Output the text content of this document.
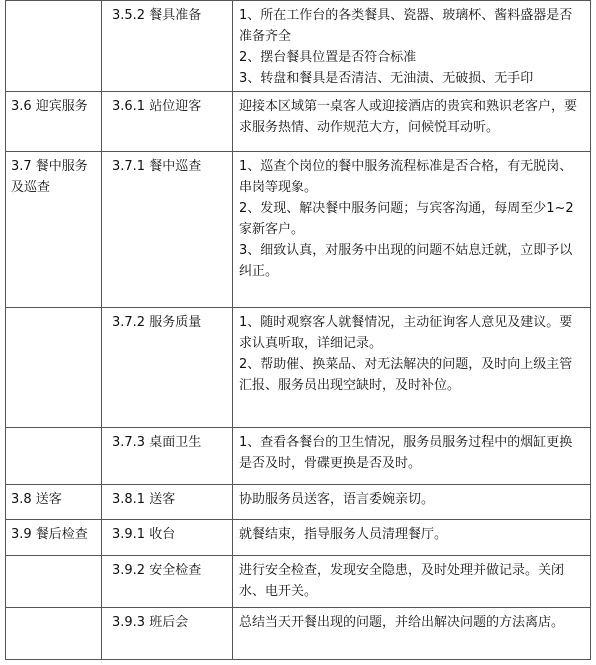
	3.5.2 餐具准备	1、所在工作台的各类餐具、瓷器、玻璃杯、酱料盛器是否准备齐全
2、摆台餐具位置是否符合标准
3、转盘和餐具是否清洁、无油渍、无破损、无手印

3.6 迎宾服务	3.6.1 站位迎客	迎接本区域第一桌客人或迎接酒店的贵宾和熟识老客户，要求服务热情、动作规范大方，问候悦耳动听。

3.7 餐中服务及巡查	3.7.1 餐中巡查	1、巡查个岗位的餐中服务流程标准是否合格，有无脱岗、串岗等现象。
2、发现、解决餐中服务问题；与宾客沟通，每周至少1~2 家新客户。
3、细致认真，对服务中出现的问题不姑息迁就，立即予以纠正。

	3.7.2 服务质量	1、随时观察客人就餐情况，主动征询客人意见及建议。要求认真听取，详细记录。
2、帮助催、换菜品、对无法解决的问题，及时向上级主管汇报、服务员出现空缺时，及时补位。

	3.7.3 桌面卫生	1、查看各餐台的卫生情况，服务员服务过程中的烟缸更换是否及时，骨碟更换是否及时。

3.8 送客	3.8.1 送客	协助服务员送客，语言委婉亲切。

3.9 餐后检查	3.9.1 收台	就餐结束，指导服务人员清理餐厅。

	3.9.2 安全检查	进行安全检查，发现安全隐患，及时处理并做记录。关闭水、电开关。

	3.9.3 班后会	总结当天开餐出现的问题，并给出解决问题的方法离店。
